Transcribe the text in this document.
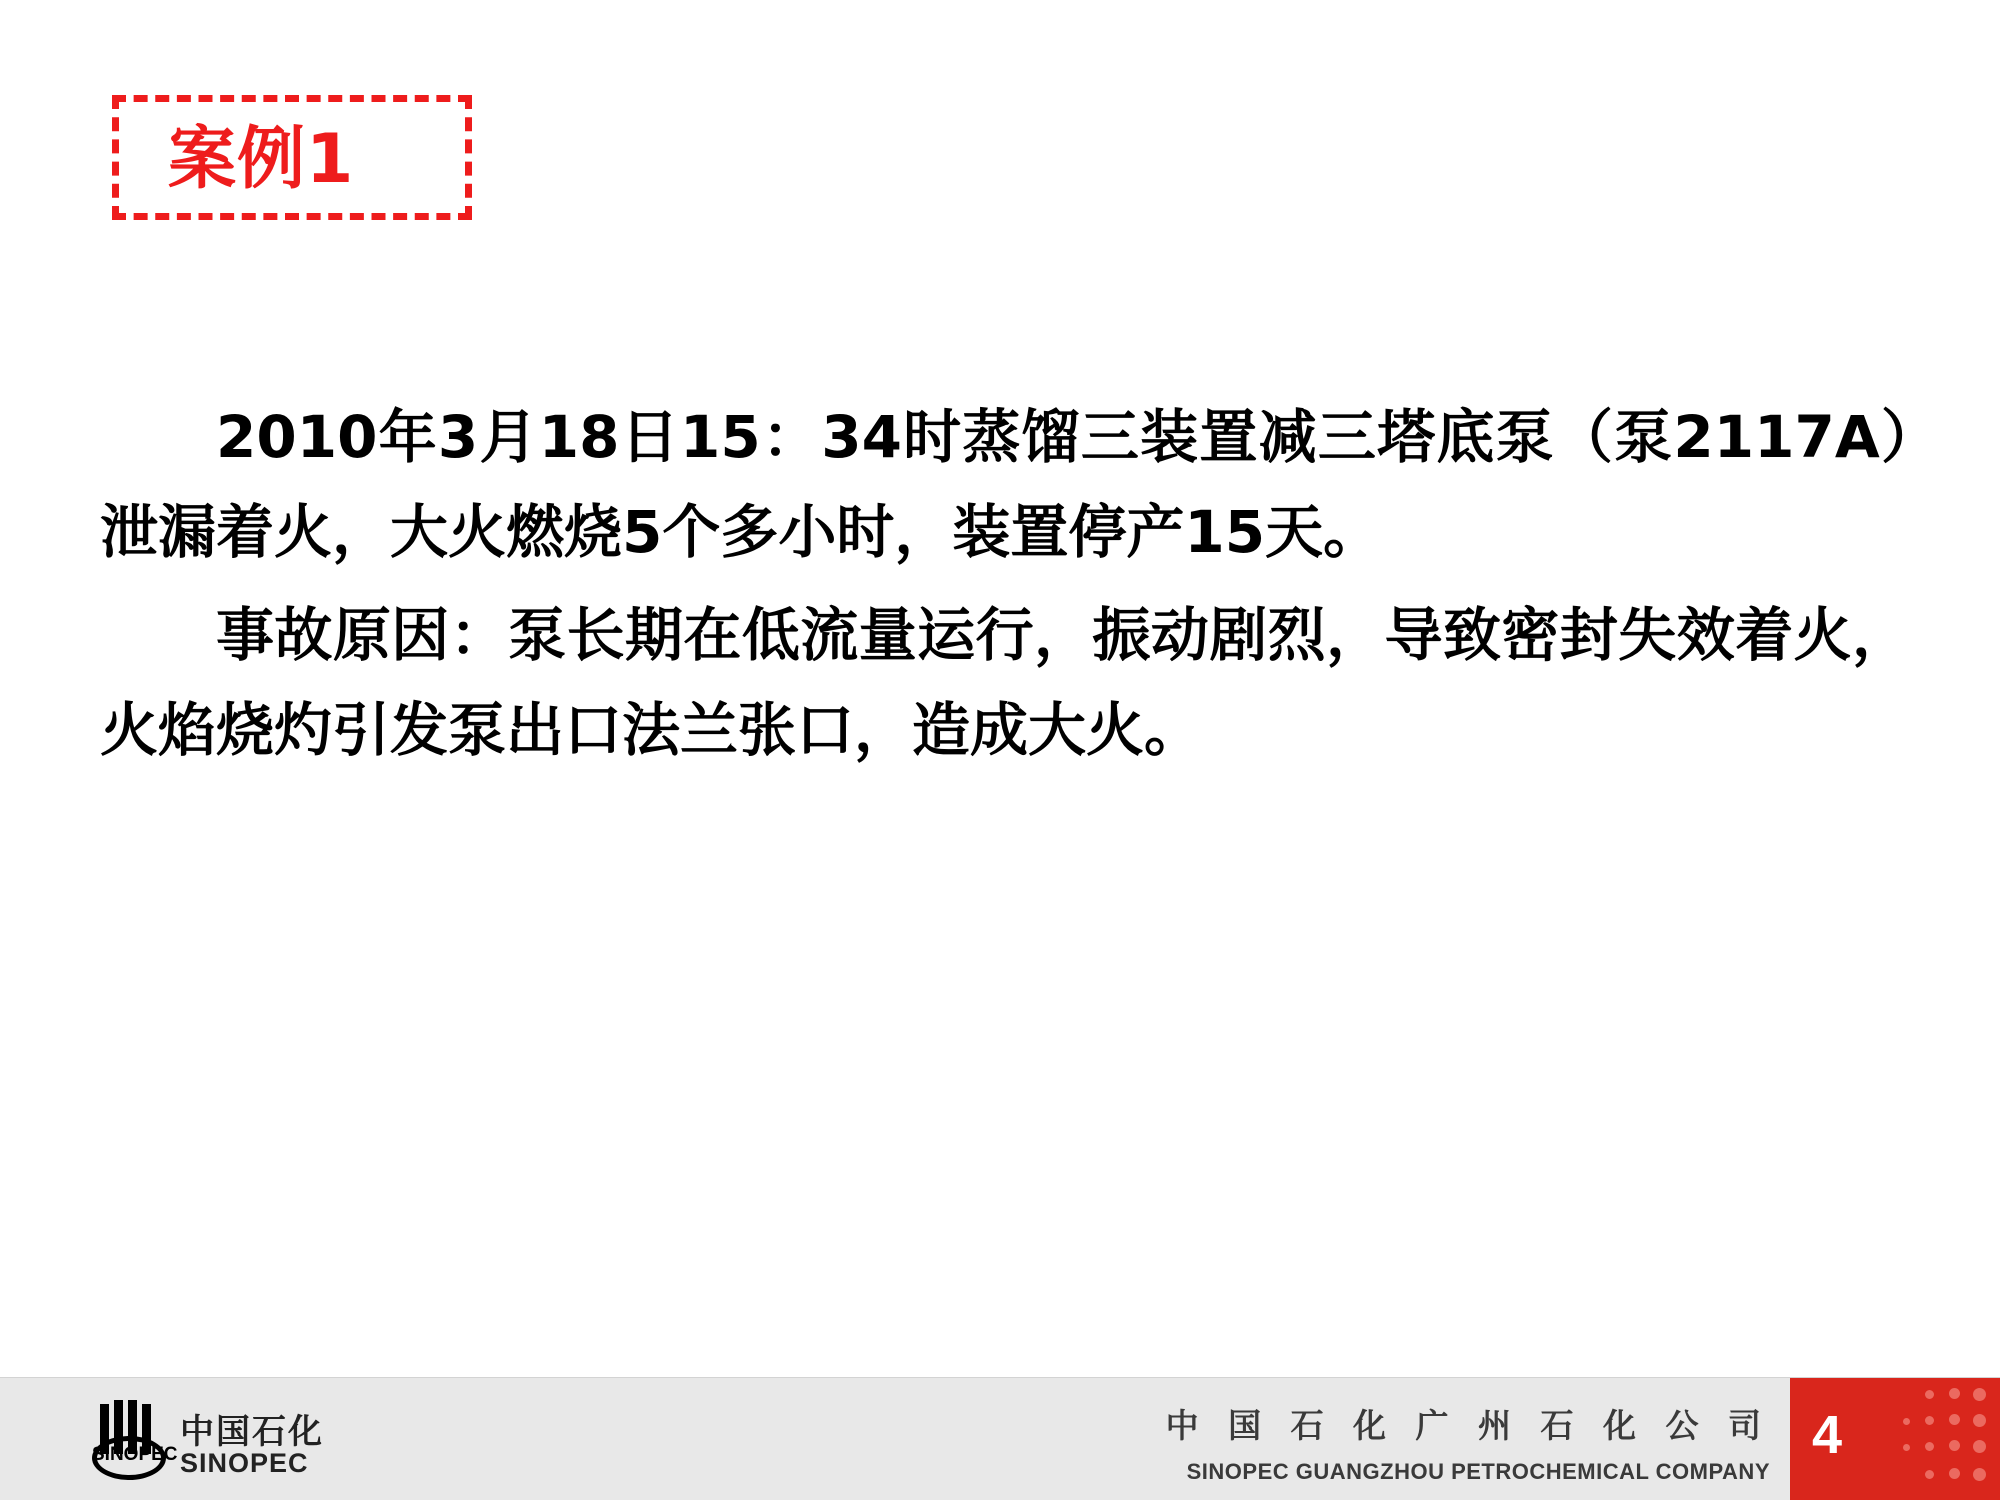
案例1

2010年3月18日15：34时蒸馏三装置减三塔底泵（泵2117A）泄漏着火，大火燃烧5个多小时，装置停产15天。

事故原因：泵长期在低流量运行，振动剧烈，导致密封失效着火，火焰烧灼引发泵出口法兰张口，造成大火。

SINOPEC
中国石化
SINOPEC
中 国 石 化 广 州 石 化 公 司
SINOPEC GUANGZHOU PETROCHEMICAL COMPANY
4
